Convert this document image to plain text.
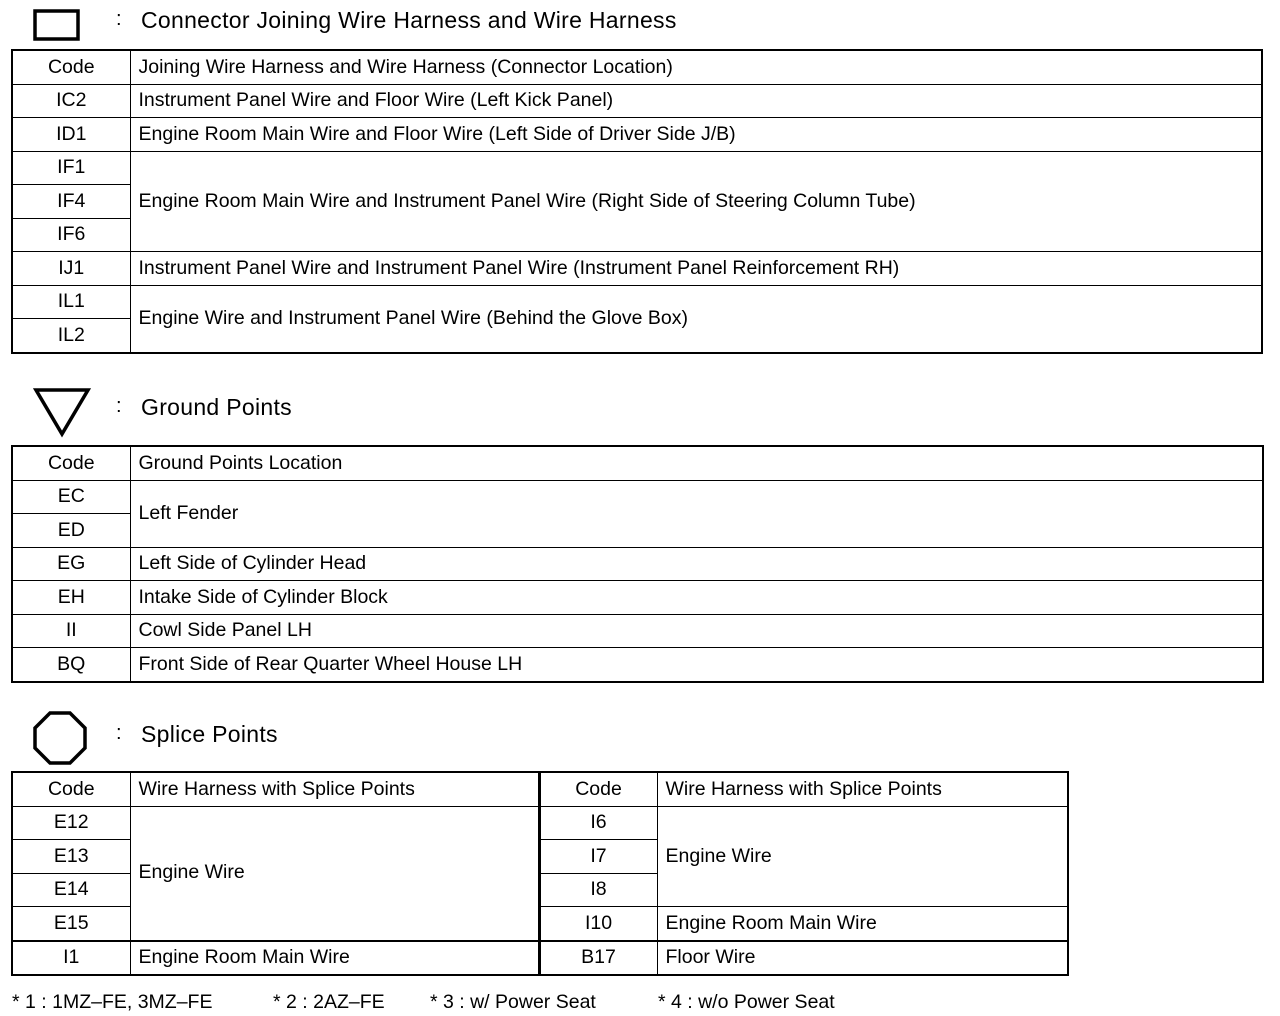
: Connector Joining Wire Harness and Wire Harness
Code	Joining Wire Harness and Wire Harness (Connector Location)
IC2	Instrument Panel Wire and Floor Wire (Left Kick Panel)
ID1	Engine Room Main Wire and Floor Wire (Left Side of Driver Side J/B)
IF1	Engine Room Main Wire and Instrument Panel Wire (Right Side of Steering Column Tube)
IF4	
IF6	
IJ1	Instrument Panel Wire and Instrument Panel Wire (Instrument Panel Reinforcement RH)
IL1	Engine Wire and Instrument Panel Wire (Behind the Glove Box)
IL2	
: Ground Points
Code	Ground Points Location
EC	Left Fender
ED	
EG	Left Side of Cylinder Head
EH	Intake Side of Cylinder Block
II	Cowl Side Panel LH
BQ	Front Side of Rear Quarter Wheel House LH
: Splice Points
Code	Wire Harness with Splice Points	Code	Wire Harness with Splice Points
E12	Engine Wire	I6	Engine Wire
E13		I7	
E14		I8	
E15		I10	Engine Room Main Wire
I1	Engine Room Main Wire	B17	Floor Wire
* 1 : 1MZ–FE, 3MZ–FE	* 2 : 2AZ–FE * 3 : w/ Power Seat	* 4 : w/o Power Seat
